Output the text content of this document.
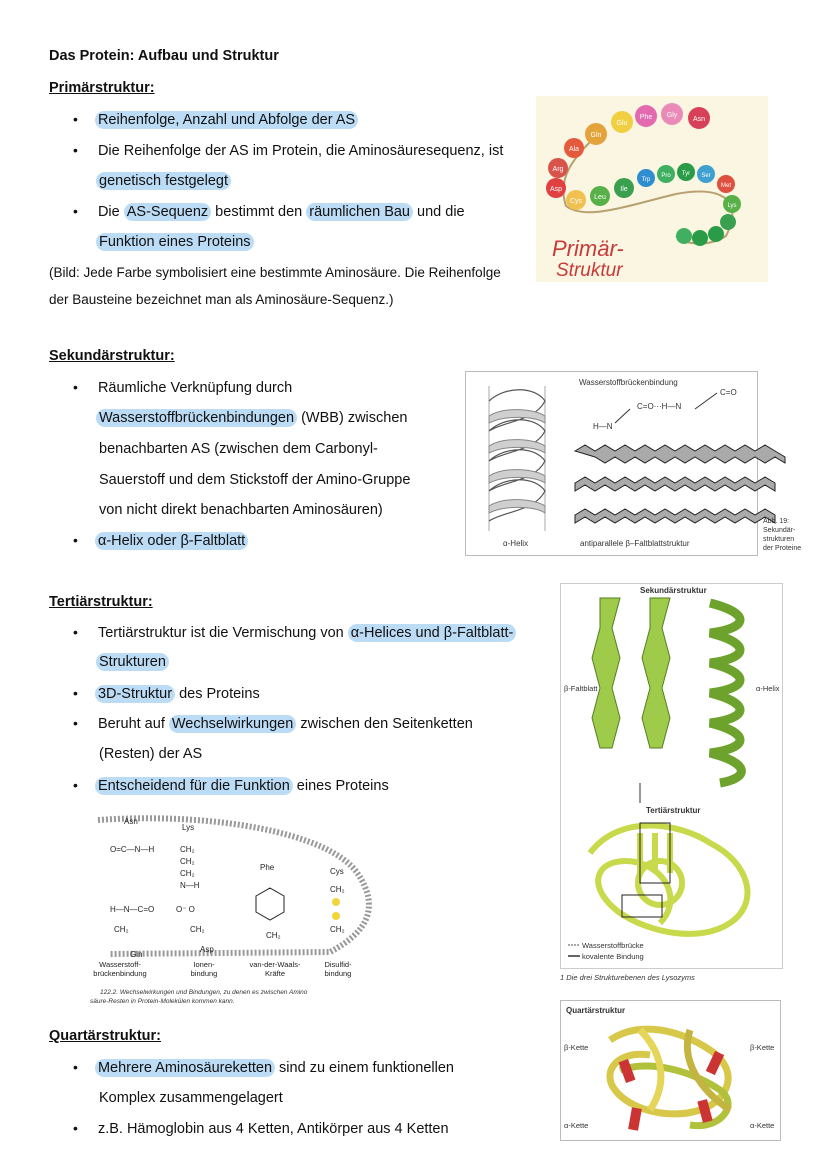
Das Protein: Aufbau und Struktur
Primärstruktur:
• Reihenfolge, Anzahl und Abfolge der AS
• Die Reihenfolge der AS im Protein, die Aminosäuresequenz, ist
genetisch festgelegt
• Die AS-Sequenz bestimmt den räumlichen Bau und die
Funktion eines Proteins
(Bild: Jede Farbe symbolisiert eine bestimmte Aminosäure. Die Reihenfolge
der Bausteine bezeichnet man als Aminosäure-Sequenz.)
Gln
Glu
Phe Gly
Asn
Ala
Arg
Asp
Cys
Leu
Ile
Trp
Pro Tyr Ser
Met
Lys
Primär-
Struktur
Sekundärstruktur:
• Räumliche Verknüpfung durch
Wasserstoffbrückenbindungen (WBB) zwischen
benachbarten AS (zwischen dem Carbonyl-
Sauerstoff und dem Stickstoff der Amino-Gruppe
von nicht direkt benachbarten Aminosäuren)
• α-Helix oder β-Faltblatt	α-Helix
Wasserstoffbrückenbindung
H—N
C=O···H—N
C=O
antiparallele β–Faltblattstruktur
Abb. 19:
Sekundär-
strukturen
der Proteine
Tertiärstruktur:
• Tertiärstruktur ist die Vermischung von α-Helices und β-Faltblatt-
Strukturen
• 3D-Struktur des Proteins
• Beruht auf Wechselwirkungen zwischen den Seitenketten
(Resten) der AS
• Entscheidend für die Funktion eines Proteins
Asn
Lys
Phe	Cys
Gln
Asp
O=C—N—H	CH₂
CH₂
CH₂
N—H
O⁻ O
H—N—C=O
CH₂	CH₂
CH₂
CH₂
CH₂
Wasserstoff-
brückenbindung
Ionen-
bindung
van-der-Waals-
Kräfte
Disulfid-
bindung
122.2. Wechselwirkungen und Bindungen, zu denen es zwischen Amino
säure-Resten in Protein-Molekülen kommen kann.
Sekundärstruktur
β-Faltblatt	α-Helix
Tertiärstruktur
Wasserstoffbrücke
kovalente Bindung
1 Die drei Strukturebenen des Lysozyms
Quartärstruktur:
• Mehrere Aminosäureketten sind zu einem funktionellen
Komplex zusammengelagert
• z.B. Hämoglobin aus 4 Ketten, Antikörper aus 4 Ketten
Quartärstruktur
β-Kette	β-Kette
α-Kette	α-Kette
